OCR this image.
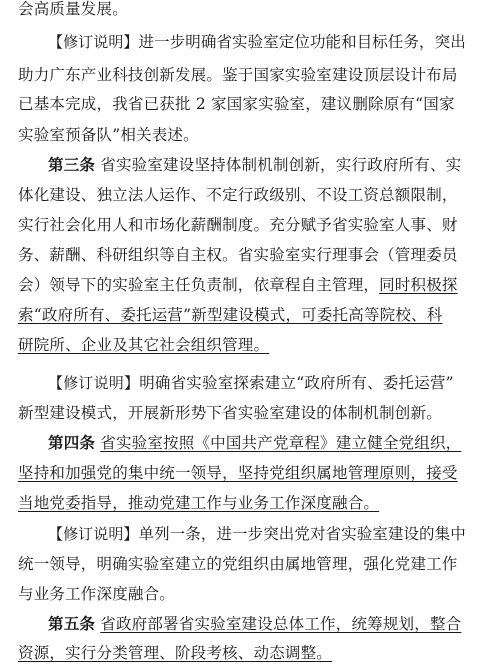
会高质量发展。
【修订说明】进一步明确省实验室定位功能和目标任务，突出
助力广东产业科技创新发展。鉴于国家实验室建设顶层设计布局
已基本完成，我省已获批 2 家国家实验室，建议删除原有“国家
实验室预备队”相关表述。
第三条 省实验室建设坚持体制机制创新，实行政府所有、实
体化建设、独立法人运作、不定行政级别、不设工资总额限制，
实行社会化用人和市场化薪酬制度。充分赋予省实验室人事、财
务、薪酬、科研组织等自主权。省实验室实行理事会（管理委员
会）领导下的实验室主任负责制，依章程自主管理，同时积极探
索“政府所有、委托运营”新型建设模式，可委托高等院校、科
研院所、企业及其它社会组织管理。
【修订说明】明确省实验室探索建立“政府所有、委托运营”
新型建设模式，开展新形势下省实验室建设的体制机制创新。
第四条 省实验室按照《中国共产党章程》建立健全党组织，
坚持和加强党的集中统一领导，坚持党组织属地管理原则，接受
当地党委指导，推动党建工作与业务工作深度融合。
【修订说明】单列一条，进一步突出党对省实验室建设的集中
统一领导，明确实验室建立的党组织由属地管理，强化党建工作
与业务工作深度融合。
第五条 省政府部署省实验室建设总体工作，统筹规划，整合
资源，实行分类管理、阶段考核、动态调整。
